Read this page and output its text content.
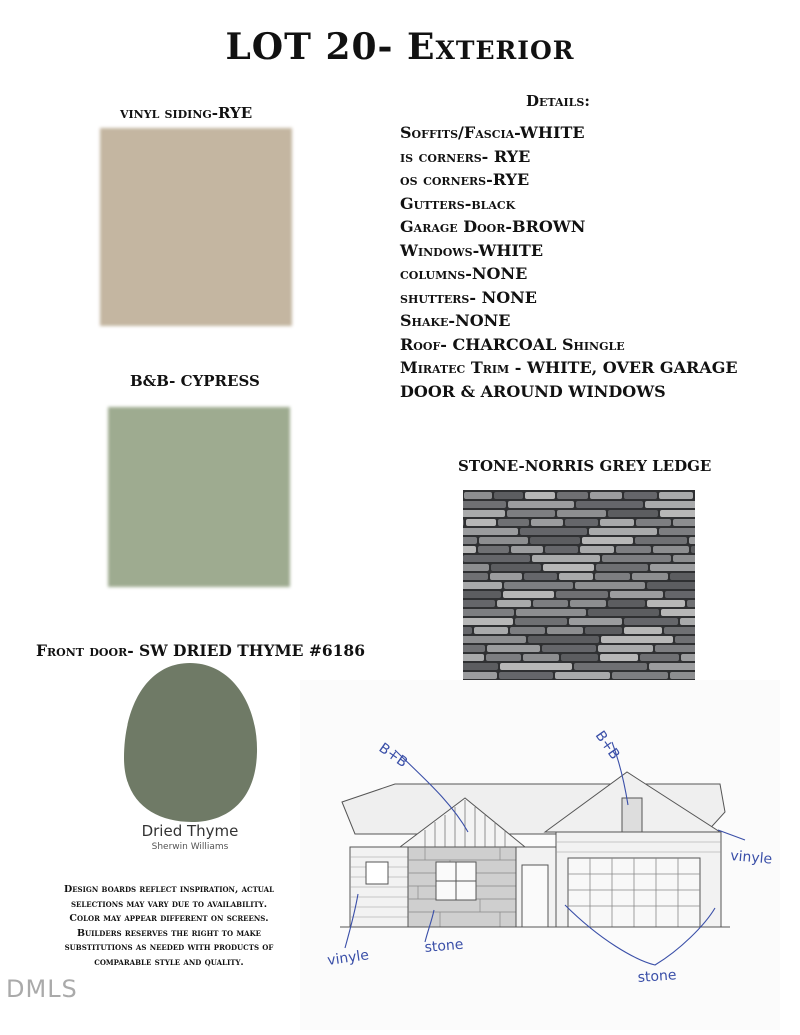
LOT 20- Exterior
vinyl siding-RYE
B&B- CYPRESS
Details:
Soffits/Fascia-WHITE
is corners- RYE
os corners-RYE
Gutters-black
Garage Door-BROWN
Windows-WHITE
columns-NONE
shutters- NONE
Shake-NONE
Roof- CHARCOAL Shingle
Miratec Trim - WHITE, OVER GARAGE
DOOR & AROUND WINDOWS
STONE-NORRIS GREY LEDGE
Front door- SW DRIED THYME #6186
Dried Thyme
Sherwin Williams
Design boards reflect inspiration, actual selections may vary due to availability. Color may appear different on screens. Builders reserves the right to make substitutions as needed with products of comparable style and quality.
B+B	B+B
vinyle
vinyle
stone
stone
DMLS
